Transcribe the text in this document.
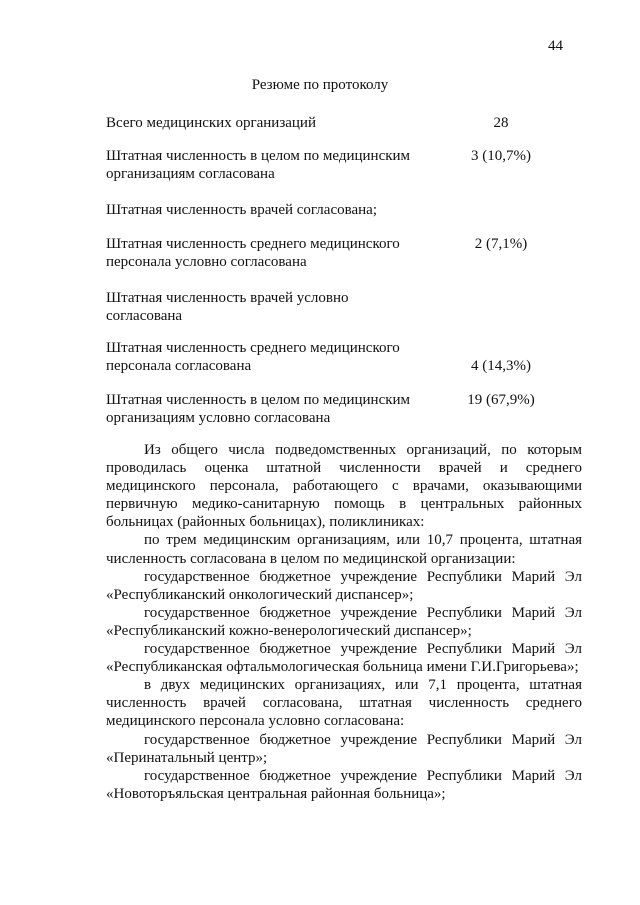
44
Резюме по протоколу
Всего медицинских организаций	28
Штатная численность в целом по медицинским
организациям согласована
3 (10,7%)
Штатная численность врачей согласована;
Штатная численность среднего медицинского
персонала условно согласована
2 (7,1%)
Штатная численность врачей условно
согласована
Штатная численность среднего медицинского
персонала согласована	4 (14,3%)
Штатная численность в целом по медицинским
организациям условно согласована
19 (67,9%)

Из общего числа подведомственных организаций, по которым проводилась оценка штатной численности врачей и среднего медицинского персонала, работающего с врачами, оказывающими первичную медико-санитарную помощь в центральных районных больницах (районных больницах), поликлиниках:

по трем медицинским организациям, или 10,7 процента, штатная численность согласована в целом по медицинской организации:

государственное бюджетное учреждение Республики Марий Эл «Республиканский онкологический диспансер»;

государственное бюджетное учреждение Республики Марий Эл «Республиканский кожно-венерологический диспансер»;

государственное бюджетное учреждение Республики Марий Эл «Республиканская офтальмологическая больница имени Г.И.Григорьева»;

в двух медицинских организациях, или 7,1 процента, штатная численность врачей согласована, штатная численность среднего медицинского персонала условно согласована:

государственное бюджетное учреждение Республики Марий Эл «Перинатальный центр»;

государственное бюджетное учреждение Республики Марий Эл «Новоторъяльская центральная районная больница»;
